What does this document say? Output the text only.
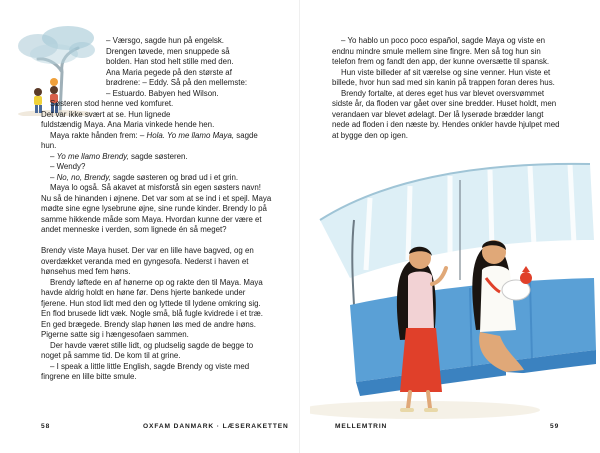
– Værsgo, sagde hun på engelsk.

Drengen tøvede, men snuppede så

bolden. Han stod helt stille med den.

Ana Maria pegede på den største af

brødrene: – Eddy. Så på den mellemste:

– Estuardo. Babyen hed Wilson.

Søsteren stod henne ved komfuret.

Det var ikke svært at se. Hun lignede

fuldstændig Maya. Ana Maria vinkede hende hen.

Maya rakte hånden frem: – Hola. Yo me llamo Maya, sagde

hun.

– Yo me llamo Brendy, sagde søsteren.

– Wendy?

– No, no, Brendy, sagde søsteren og brød ud i et grin.

Maya lo også. Så akavet at misforstå sin egen søsters navn!

Nu så de hinanden i øjnene. Det var som at se ind i et spejl. Maya

mødte sine egne lysebrune øjne, sine runde kinder. Brendy lo på

samme hikkende måde som Maya. Hvordan kunne der være et

andet menneske i verden, som lignede én så meget?

Brendy viste Maya huset. Der var en lille have bagved, og en

overdækket veranda med en gyngesofa. Nederst i haven et

hønsehus med fem høns.

Brendy løftede en af hønerne op og rakte den til Maya. Maya

havde aldrig holdt en høne før. Dens hjerte bankede under

fjerene. Hun stod lidt med den og lyttede til lydene omkring sig.

En flod brusede lidt væk. Nogle små, blå fugle kvidrede i et træ.

En ged brægede. Brendy slap hønen løs med de andre høns.

Pigerne satte sig i hængesofaen sammen.

Der havde været stille lidt, og pludselig sagde de begge to

noget på samme tid. De kom til at grine.

– I speak a little little English, sagde Brendy og viste med

fingrene en lille bitte smule.

58	OXFAM DANMARK · LÆSERAKETTEN

– Yo hablo un poco poco español, sagde Maya og viste en

endnu mindre smule mellem sine fingre. Men så tog hun sin

telefon frem og fandt den app, der kunne oversætte til spansk.

Hun viste billeder af sit værelse og sine venner. Hun viste et

billede, hvor hun sad med sin kanin på trappen foran deres hus.

Brendy fortalte, at deres eget hus var blevet oversvømmet

sidste år, da floden var gået over sine bredder. Huset holdt, men

verandaen var blevet ødelagt. Der lå lyserøde brædder langt

nede ad floden i den næste by. Hendes onkler havde hjulpet med

at bygge den op igen.

MELLEMTRIN	59
